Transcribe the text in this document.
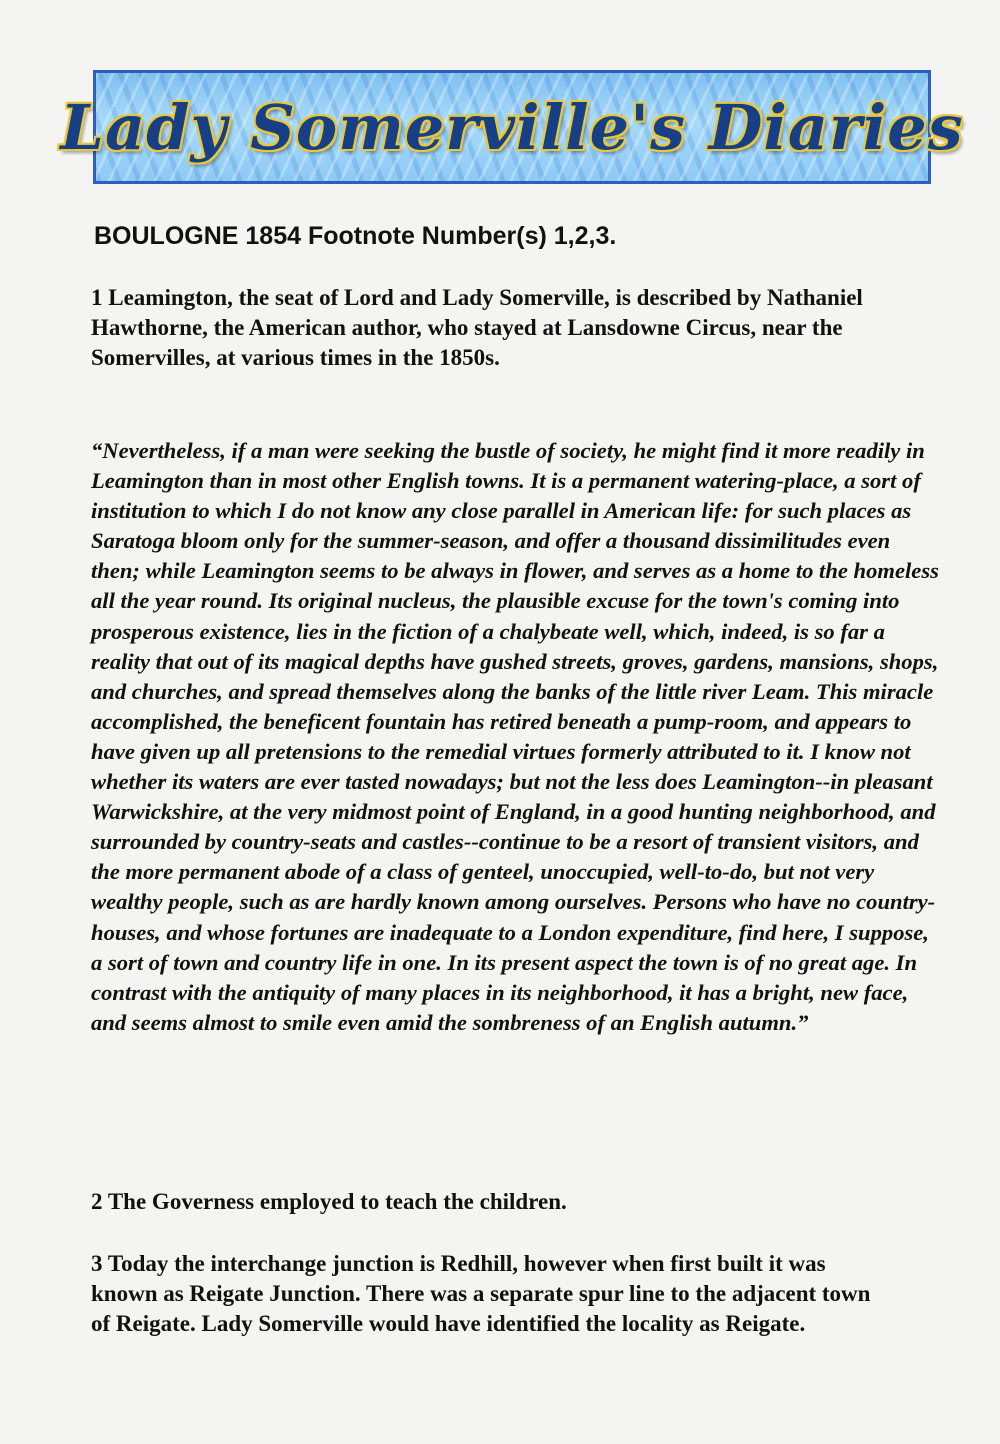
Lady Somerville's Diaries
BOULOGNE 1854 Footnote Number(s) 1,2,3.

1 Leamington, the seat of Lord and Lady Somerville, is described by Nathaniel Hawthorne, the American author, who stayed at Lansdowne Circus, near the Somervilles, at various times in the 1850s.

“Nevertheless, if a man were seeking the bustle of society, he might find it more readily in Leamington than in most other English towns. It is a permanent watering-place, a sort of institution to which I do not know any close parallel in American life: for such places as Saratoga bloom only for the summer-season, and offer a thousand dissimilitudes even then; while Leamington seems to be always in flower, and serves as a home to the homeless all the year round. Its original nucleus, the plausible excuse for the town's coming into prosperous existence, lies in the fiction of a chalybeate well, which, indeed, is so far a reality that out of its magical depths have gushed streets, groves, gardens, mansions, shops, and churches, and spread themselves along the banks of the little river Leam. This miracle accomplished, the beneficent fountain has retired beneath a pump-room, and appears to have given up all pretensions to the remedial virtues formerly attributed to it. I know not whether its waters are ever tasted nowadays; but not the less does Leamington--in pleasant Warwickshire, at the very midmost point of England, in a good hunting neighborhood, and surrounded by country-seats and castles--continue to be a resort of transient visitors, and the more permanent abode of a class of genteel, unoccupied, well-to-do, but not very wealthy people, such as are hardly known among ourselves. Persons who have no country-houses, and whose fortunes are inadequate to a London expenditure, find here, I suppose, a sort of town and country life in one. In its present aspect the town is of no great age. In contrast with the antiquity of many places in its neighborhood, it has a bright, new face, and seems almost to smile even amid the sombreness of an English autumn.”

2 The Governess employed to teach the children.

3 Today the interchange junction is Redhill, however when first built it was known as Reigate Junction. There was a separate spur line to the adjacent town of Reigate. Lady Somerville would have identified the locality as Reigate.
